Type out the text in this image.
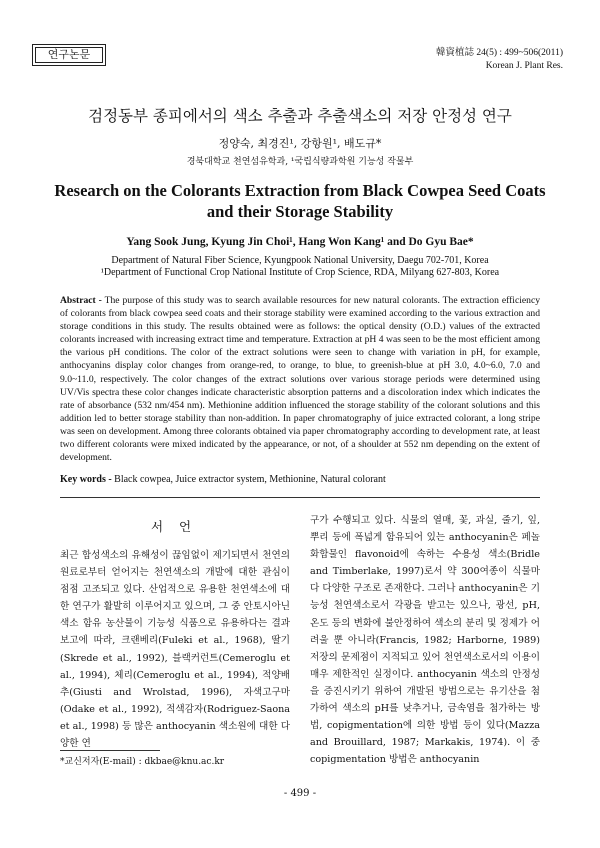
연구논문	韓資植誌 24(5) : 499~506(2011)
Korean J. Plant Res.
검정동부 종피에서의 색소 추출과 추출색소의 저장 안정성 연구
정양숙, 최경진¹, 강항원¹, 배도규*
경북대학교 천연섬유학과, ¹국립식량과학원 기능성 작물부
Research on the Colorants Extraction from Black Cowpea Seed Coats
and their Storage Stability
Yang Sook Jung, Kyung Jin Choi¹, Hang Won Kang¹ and Do Gyu Bae*
Department of Natural Fiber Science, Kyungpook National University, Daegu 702-701, Korea
¹Department of Functional Crop National Institute of Crop Science, RDA, Milyang 627-803, Korea
Abstract - The purpose of this study was to search available resources for new natural colorants. The extraction efficiency of colorants from black cowpea seed coats and their storage stability were examined according to the various extraction and storage conditions in this study. The results obtained were as follows: the optical density (O.D.) values of the extracted colorants increased with increasing extract time and temperature. Extraction at pH 4 was seen to be the most efficient among the various pH conditions. The color of the extract solutions were seen to change with variation in pH, for example, anthocyanins display color changes from orange-red, to orange, to blue, to greenish-blue at pH 3.0, 4.0~6.0, 7.0 and 9.0~11.0, respectively. The color changes of the extract solutions over various storage periods were determined using UV/Vis spectra these color changes indicate characteristic absorption patterns and a discoloration index which indicates the rate of absorbance (532 nm/454 nm). Methionine addition influenced the storage stability of the colorant solutions and this addition led to better storage stability than non-addition. In paper chromatography of juice extracted colorant, a long stripe was seen on development. Among three colorants obtained via paper chromatography according to development rate, at least two different colorants were mixed indicated by the appearance, or not, of a shoulder at 552 nm depending on the extent of development.
Key words - Black cowpea, Juice extractor system, Methionine, Natural colorant
서 언
최근 합성색소의 유해성이 끊임없이 제기되면서 천연의 원료로부터 얻어지는 천연색소의 개발에 대한 관심이 점점 고조되고 있다. 산업적으로 유용한 천연색소에 대한 연구가 활발히 이루어지고 있으며, 그 중 안토시아닌 색소 함유 농산물이 기능성 식품으로 유용하다는 결과 보고에 따라, 크랜베리(Fuleki et al., 1968), 딸기(Skrede et al., 1992), 블랙커런트(Cemeroglu et al., 1994), 체리(Cemeroglu et al., 1994), 적양배추(Giusti and Wrolstad, 1996), 자색고구마(Odake et al., 1992), 적색감자(Rodriguez-Saona et al., 1998) 등 많은 anthocyanin 색소원에 대한 다양한 연
구가 수행되고 있다. 식물의 열매, 꽃, 과실, 줄기, 잎, 뿌리 등에 폭넓게 함유되어 있는 anthocyanin은 페놀 화합물인 flavonoid에 속하는 수용성 색소(Bridle and Timberlake, 1997)로서 약 300여종이 식물마다 다양한 구조로 존재한다. 그러나 anthocyanin은 기능성 천연색소로서 각광을 받고는 있으나, 광선, pH, 온도 등의 변화에 불안정하여 색소의 분리 및 정제가 어려울 뿐 아니라(Francis, 1982; Harborne, 1989) 저장의 문제점이 지적되고 있어 천연색소로서의 이용이 매우 제한적인 실정이다. anthocyanin 색소의 안정성을 증진시키기 위하여 개발된 방법으로는 유기산을 첨가하여 색소의 pH를 낮추거나, 금속염을 첨가하는 방법, copigmentation에 의한 방법 등이 있다(Mazza and Brouillard, 1987; Markakis, 1974). 이 중 copigmentation 방법은 anthocyanin
*교신저자(E-mail) : dkbae@knu.ac.kr
- 499 -
